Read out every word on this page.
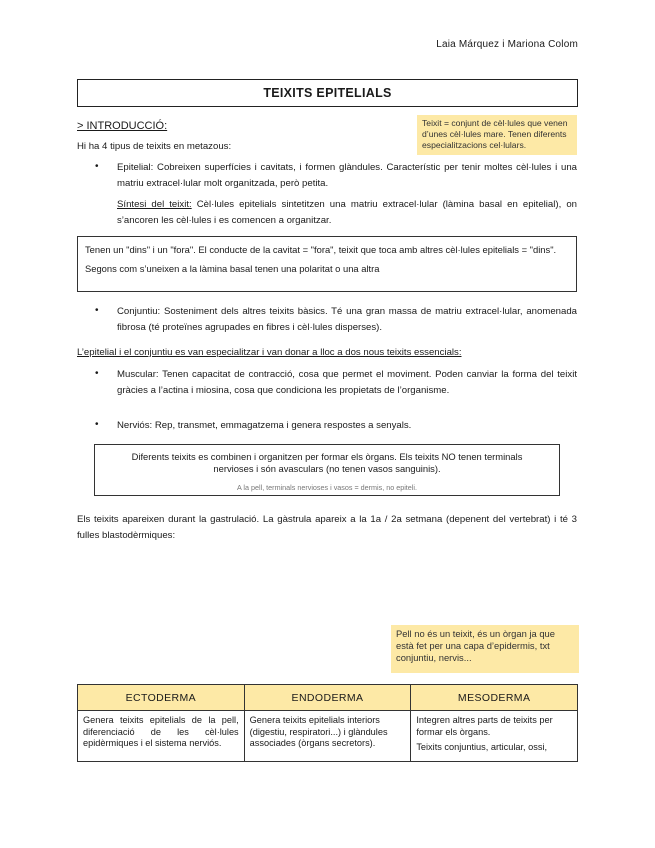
Laia Márquez i Mariona Colom
TEIXITS EPITELIALS
> INTRODUCCIÓ:	Teixit = conjunt de cèl·lules que venen d’unes cèl·lules mare. Tenen diferents especialitzacions cel·lulars.
Hi ha 4 tipus de teixits en metazous:
• Epitelial: Cobreixen superfícies i cavitats, i formen glàndules. Característic per tenir moltes cèl·lules i una matriu extracel·lular molt organitzada, però petita.
Síntesi del teixit: Cèl·lules epitelials sintetitzen una matriu extracel·lular (làmina basal en epitelial), on s’ancoren les cèl·lules i es comencen a organitzar.

Tenen un "dins" i un "fora". El conducte de la cavitat = "fora", teixit que toca amb altres cèl·lules epitelials = "dins".

Segons com s’uneixen a la làmina basal tenen una polaritat o una altra

• Conjuntiu: Sosteniment dels altres teixits bàsics. Té una gran massa de matriu extracel·lular, anomenada fibrosa (té proteïnes agrupades en fibres i cèl·lules disperses).
L’epitelial i el conjuntiu es van especialitzar i van donar a lloc a dos nous teixits essencials:
• Muscular: Tenen capacitat de contracció, cosa que permet el moviment. Poden canviar la forma del teixit gràcies a l’actina i miosina, cosa que condiciona les propietats de l’organisme.
• Nerviós: Rep, transmet, emmagatzema i genera respostes a senyals.
Diferents teixits es combinen i organitzen per formar els òrgans. Els teixits NO tenen terminals nervioses i són avasculars (no tenen vasos sanguinis).
A la pell, terminals nervioses i vasos = dermis, no epiteli.
Els teixits apareixen durant la gastrulació. La gàstrula apareix a la 1a / 2a setmana (depenent del vertebrat) i té 3 fulles blastodèrmiques:
Pell no és un teixit, és un òrgan ja que està fet per una capa d’epidermis, txt conjuntiu, nervis...
ECTODERMA	ENDODERMA	MESODERMA
Genera teixits epitelials de la pell, diferenciació de les cèl·lules epidèrmiques i el sistema nerviós.	Genera teixits epitelials interiors (digestiu, respiratori...) i glàndules associades (òrgans secretors).	Integren altres parts de teixits per formar els òrgans.

Teixits conjuntius, articular, ossi,
